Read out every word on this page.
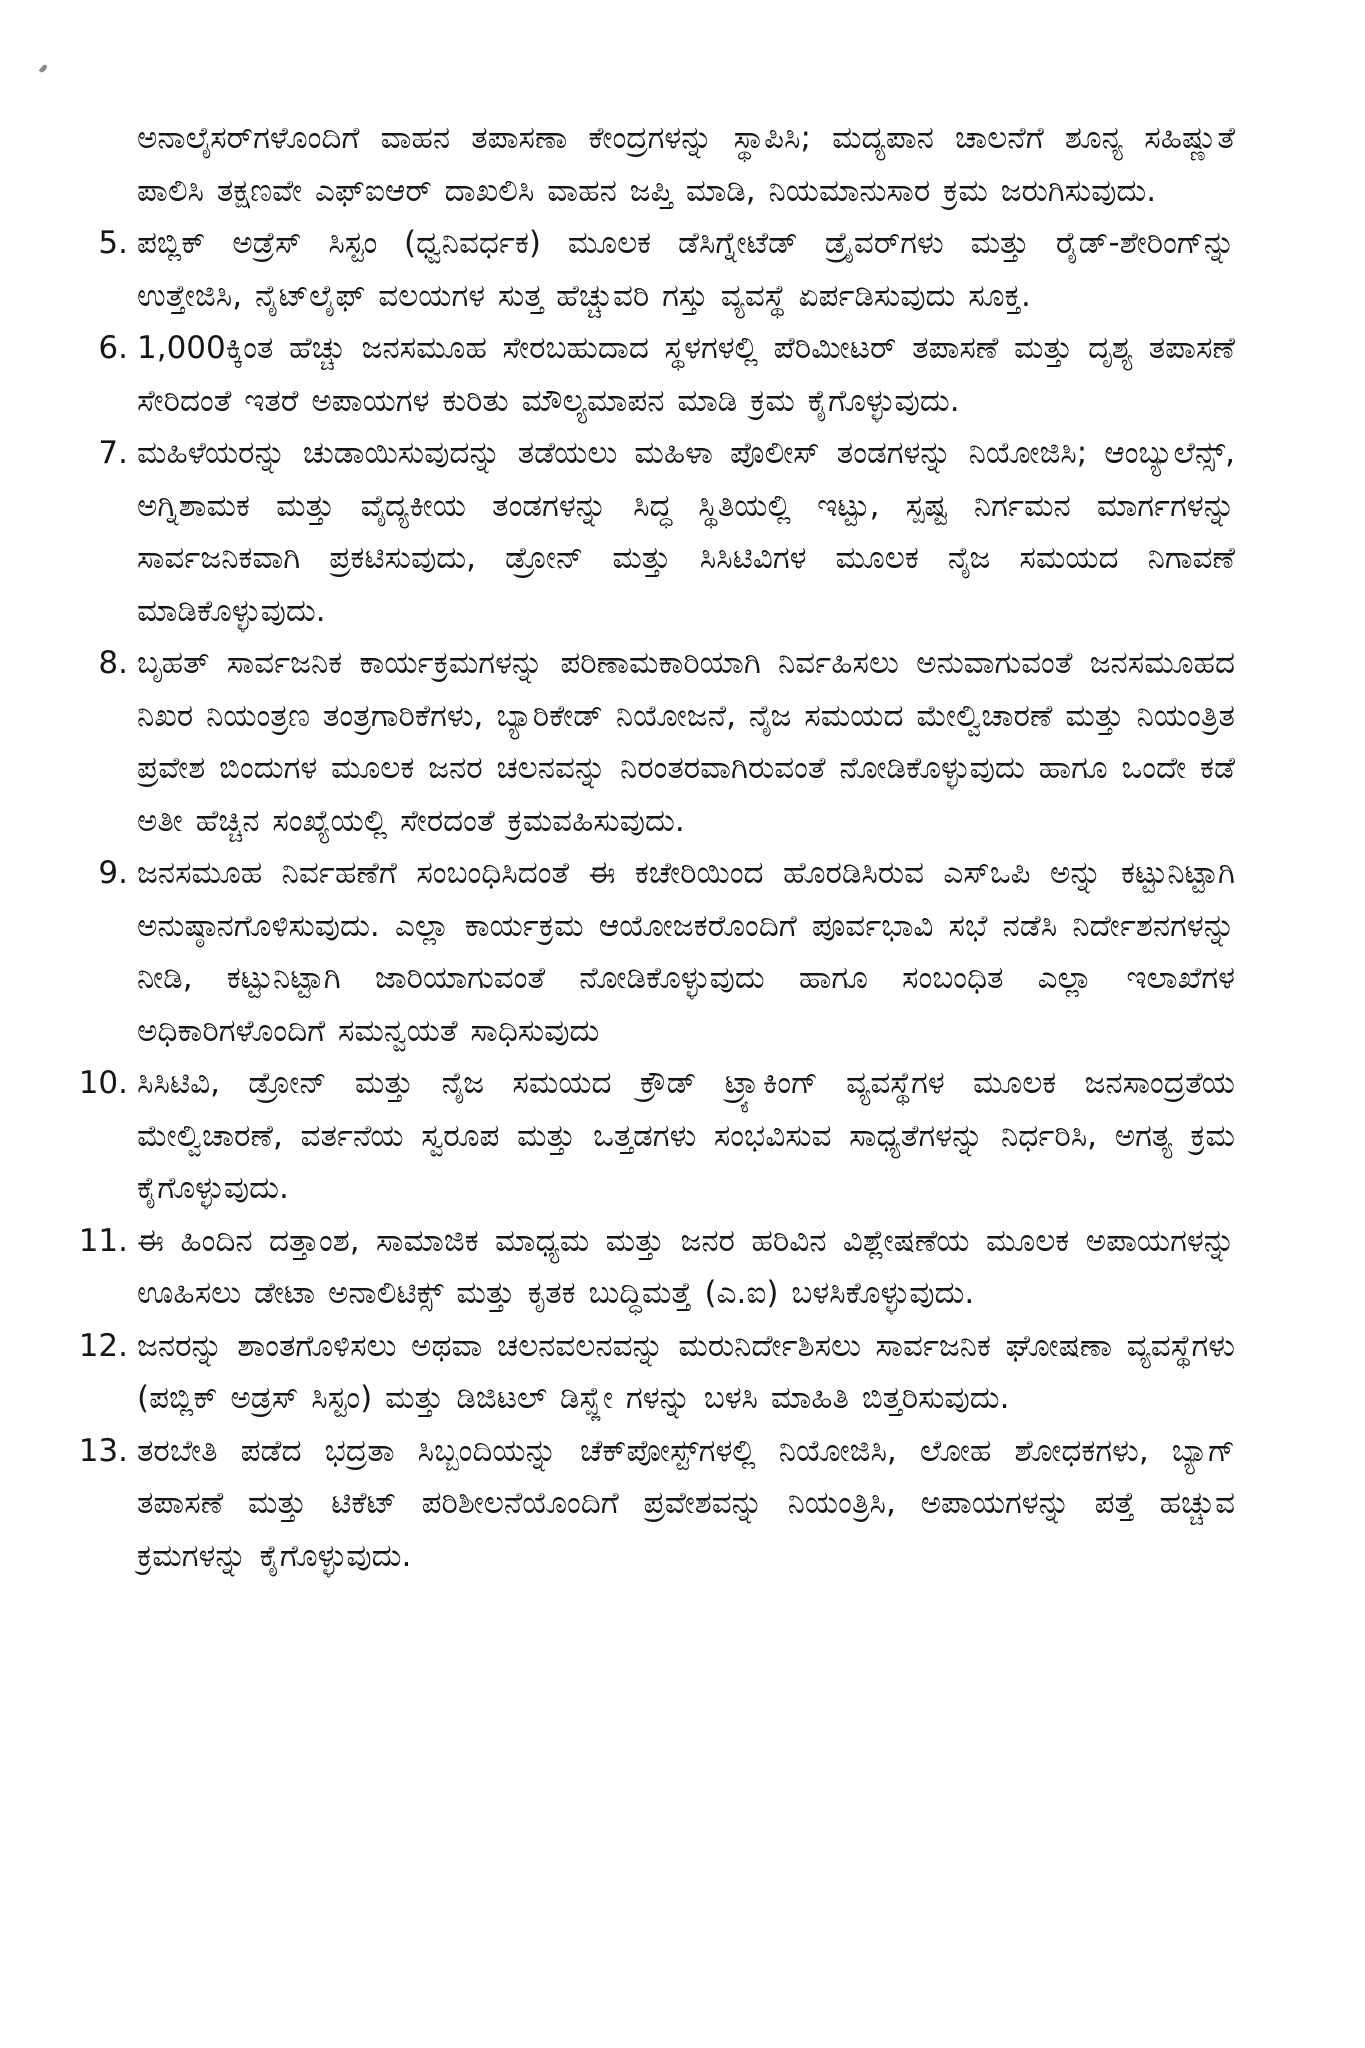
ಅನಾಲೈಸರ್‌ಗಳೊಂದಿಗೆ ವಾಹನ ತಪಾಸಣಾ ಕೇಂದ್ರಗಳನ್ನು ಸ್ಥಾಪಿಸಿ; ಮದ್ಯಪಾನ ಚಾಲನೆಗೆ ಶೂನ್ಯ ಸಹಿಷ್ಣುತೆ ಪಾಲಿಸಿ ತಕ್ಷಣವೇ ಎಫ್‌ಐಆರ್ ದಾಖಲಿಸಿ ವಾಹನ ಜಪ್ತಿ ಮಾಡಿ, ನಿಯಮಾನುಸಾರ ಕ್ರಮ ಜರುಗಿಸುವುದು.

5. ಪಬ್ಲಿಕ್ ಅಡ್ರೆಸ್ ಸಿಸ್ಟಂ (ಧ್ವನಿವರ್ಧಕ) ಮೂಲಕ ಡೆಸಿಗ್ನೇಟೆಡ್ ಡ್ರೈವರ್‌ಗಳು ಮತ್ತು ರೈಡ್-ಶೇರಿಂಗ್‌ನ್ನು ಉತ್ತೇಜಿಸಿ, ನೈಟ್‌ಲೈಫ್ ವಲಯಗಳ ಸುತ್ತ ಹೆಚ್ಚುವರಿ ಗಸ್ತು ವ್ಯವಸ್ಥೆ ಏರ್ಪಡಿಸುವುದು ಸೂಕ್ತ.
6. 1,000ಕ್ಕಿಂತ ಹೆಚ್ಚು ಜನಸಮೂಹ ಸೇರಬಹುದಾದ ಸ್ಥಳಗಳಲ್ಲಿ ಪೆರಿಮೀಟರ್ ತಪಾಸಣೆ ಮತ್ತು ದೃಶ್ಯ ತಪಾಸಣೆ ಸೇರಿದಂತೆ ಇತರೆ ಅಪಾಯಗಳ ಕುರಿತು ಮೌಲ್ಯಮಾಪನ ಮಾಡಿ ಕ್ರಮ ಕೈಗೊಳ್ಳುವುದು.
7. ಮಹಿಳೆಯರನ್ನು ಚುಡಾಯಿಸುವುದನ್ನು ತಡೆಯಲು ಮಹಿಳಾ ಪೊಲೀಸ್ ತಂಡಗಳನ್ನು ನಿಯೋಜಿಸಿ; ಆಂಬ್ಯುಲೆನ್ಸ್, ಅಗ್ನಿಶಾಮಕ ಮತ್ತು ವೈದ್ಯಕೀಯ ತಂಡಗಳನ್ನು ಸಿದ್ಧ ಸ್ಥಿತಿಯಲ್ಲಿ ಇಟ್ಟು, ಸ್ಪಷ್ಟ ನಿರ್ಗಮನ ಮಾರ್ಗಗಳನ್ನು ಸಾರ್ವಜನಿಕವಾಗಿ ಪ್ರಕಟಿಸುವುದು, ಡ್ರೋನ್ ಮತ್ತು ಸಿಸಿಟಿವಿಗಳ ಮೂಲಕ ನೈಜ ಸಮಯದ ನಿಗಾವಣೆ ಮಾಡಿಕೊಳ್ಳುವುದು.
8. ಬೃಹತ್ ಸಾರ್ವಜನಿಕ ಕಾರ್ಯಕ್ರಮಗಳನ್ನು ಪರಿಣಾಮಕಾರಿಯಾಗಿ ನಿರ್ವಹಿಸಲು ಅನುವಾಗುವಂತೆ ಜನಸಮೂಹದ ನಿಖರ ನಿಯಂತ್ರಣ ತಂತ್ರಗಾರಿಕೆಗಳು, ಬ್ಯಾರಿಕೇಡ್ ನಿಯೋಜನೆ, ನೈಜ ಸಮಯದ ಮೇಲ್ವಿಚಾರಣೆ ಮತ್ತು ನಿಯಂತ್ರಿತ ಪ್ರವೇಶ ಬಿಂದುಗಳ ಮೂಲಕ ಜನರ ಚಲನವನ್ನು ನಿರಂತರವಾಗಿರುವಂತೆ ನೋಡಿಕೊಳ್ಳುವುದು ಹಾಗೂ ಒಂದೇ ಕಡೆ ಅತೀ ಹೆಚ್ಚಿನ ಸಂಖ್ಯೆಯಲ್ಲಿ ಸೇರದಂತೆ ಕ್ರಮವಹಿಸುವುದು.
9. ಜನಸಮೂಹ ನಿರ್ವಹಣೆಗೆ ಸಂಬಂಧಿಸಿದಂತೆ ಈ ಕಚೇರಿಯಿಂದ ಹೊರಡಿಸಿರುವ ಎಸ್‌ಒಪಿ ಅನ್ನು ಕಟ್ಟುನಿಟ್ಟಾಗಿ ಅನುಷ್ಠಾನಗೊಳಿಸುವುದು. ಎಲ್ಲಾ ಕಾರ್ಯಕ್ರಮ ಆಯೋಜಕರೊಂದಿಗೆ ಪೂರ್ವಭಾವಿ ಸಭೆ ನಡೆಸಿ ನಿರ್ದೇಶನಗಳನ್ನು ನೀಡಿ, ಕಟ್ಟುನಿಟ್ಟಾಗಿ ಜಾರಿಯಾಗುವಂತೆ ನೋಡಿಕೊಳ್ಳುವುದು ಹಾಗೂ ಸಂಬಂಧಿತ ಎಲ್ಲಾ ಇಲಾಖೆಗಳ ಅಧಿಕಾರಿಗಳೊಂದಿಗೆ ಸಮನ್ವಯತೆ ಸಾಧಿಸುವುದು
10. ಸಿಸಿಟಿವಿ, ಡ್ರೋನ್ ಮತ್ತು ನೈಜ ಸಮಯದ ಕ್ರೌಡ್ ಟ್ರ್ಯಾಕಿಂಗ್ ವ್ಯವಸ್ಥೆಗಳ ಮೂಲಕ ಜನಸಾಂದ್ರತೆಯ ಮೇಲ್ವಿಚಾರಣೆ, ವರ್ತನೆಯ ಸ್ವರೂಪ ಮತ್ತು ಒತ್ತಡಗಳು ಸಂಭವಿಸುವ ಸಾಧ್ಯತೆಗಳನ್ನು ನಿರ್ಧರಿಸಿ, ಅಗತ್ಯ ಕ್ರಮ ಕೈಗೊಳ್ಳುವುದು.
11. ಈ ಹಿಂದಿನ ದತ್ತಾಂಶ, ಸಾಮಾಜಿಕ ಮಾಧ್ಯಮ ಮತ್ತು ಜನರ ಹರಿವಿನ ವಿಶ್ಲೇಷಣೆಯ ಮೂಲಕ ಅಪಾಯಗಳನ್ನು ಊಹಿಸಲು ಡೇಟಾ ಅನಾಲಿಟಿಕ್ಸ್ ಮತ್ತು ಕೃತಕ ಬುದ್ಧಿಮತ್ತೆ (ಎ.ಐ) ಬಳಸಿಕೊಳ್ಳುವುದು.
12. ಜನರನ್ನು ಶಾಂತಗೊಳಿಸಲು ಅಥವಾ ಚಲನವಲನವನ್ನು ಮರುನಿರ್ದೇಶಿಸಲು ಸಾರ್ವಜನಿಕ ಘೋಷಣಾ ವ್ಯವಸ್ಥೆಗಳು (ಪಬ್ಲಿಕ್ ಅಡ್ರಸ್ ಸಿಸ್ಟಂ) ಮತ್ತು ಡಿಜಿಟಲ್ ಡಿಸ್ಪ್ಲೇ ಗಳನ್ನು ಬಳಸಿ ಮಾಹಿತಿ ಬಿತ್ತರಿಸುವುದು.
13. ತರಬೇತಿ ಪಡೆದ ಭದ್ರತಾ ಸಿಬ್ಬಂದಿಯನ್ನು ಚೆಕ್‌ಪೋಸ್ಟ್‌ಗಳಲ್ಲಿ ನಿಯೋಜಿಸಿ, ಲೋಹ ಶೋಧಕಗಳು, ಬ್ಯಾಗ್ ತಪಾಸಣೆ ಮತ್ತು ಟಿಕೆಟ್ ಪರಿಶೀಲನೆಯೊಂದಿಗೆ ಪ್ರವೇಶವನ್ನು ನಿಯಂತ್ರಿಸಿ, ಅಪಾಯಗಳನ್ನು ಪತ್ತೆ ಹಚ್ಚುವ ಕ್ರಮಗಳನ್ನು ಕೈಗೊಳ್ಳುವುದು.
